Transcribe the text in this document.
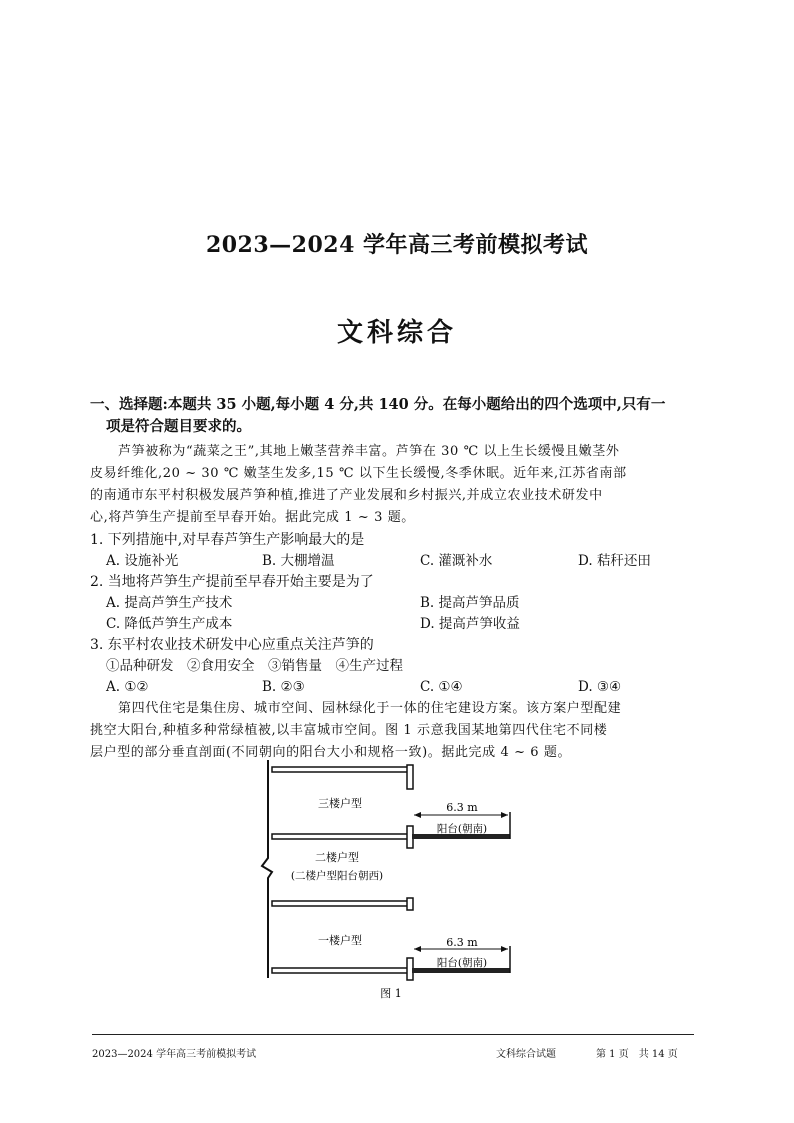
2023—2024 学年高三考前模拟考试
文科综合
一、选择题:本题共 35 小题,每小题 4 分,共 140 分。在每小题给出的四个选项中,只有一
项是符合题目要求的。
芦笋被称为“蔬菜之王”,其地上嫩茎营养丰富。芦笋在 30 ℃ 以上生长缓慢且嫩茎外
皮易纤维化,20 ~ 30 ℃ 嫩茎生发多,15 ℃ 以下生长缓慢,冬季休眠。近年来,江苏省南部
的南通市东平村积极发展芦笋种植,推进了产业发展和乡村振兴,并成立农业技术研发中
心,将芦笋生产提前至早春开始。据此完成 1 ~ 3 题。
1. 下列措施中,对早春芦笋生产影响最大的是
A. 设施补光	B. 大棚增温	C. 灌溉补水	D. 秸秆还田
2. 当地将芦笋生产提前至早春开始主要是为了
A. 提高芦笋生产技术	B. 提高芦笋品质
C. 降低芦笋生产成本	D. 提高芦笋收益
3. 东平村农业技术研发中心应重点关注芦笋的
①品种研发　②食用安全　③销售量　④生产过程
A. ①②	B. ②③	C. ①④	D. ③④
第四代住宅是集住房、城市空间、园林绿化于一体的住宅建设方案。该方案户型配建
挑空大阳台,种植多种常绿植被,以丰富城市空间。图 1 示意我国某地第四代住宅不同楼
层户型的部分垂直剖面(不同朝向的阳台大小和规格一致)。据此完成 4 ~ 6 题。
三楼户型	6.3 m
阳台(朝南)
二楼户型
(二楼户型阳台朝西)
一楼户型	6.3 m
阳台(朝南)
图 1
2023—2024 学年高三考前模拟考试	文科综合试题	第 1 页　共 14 页
